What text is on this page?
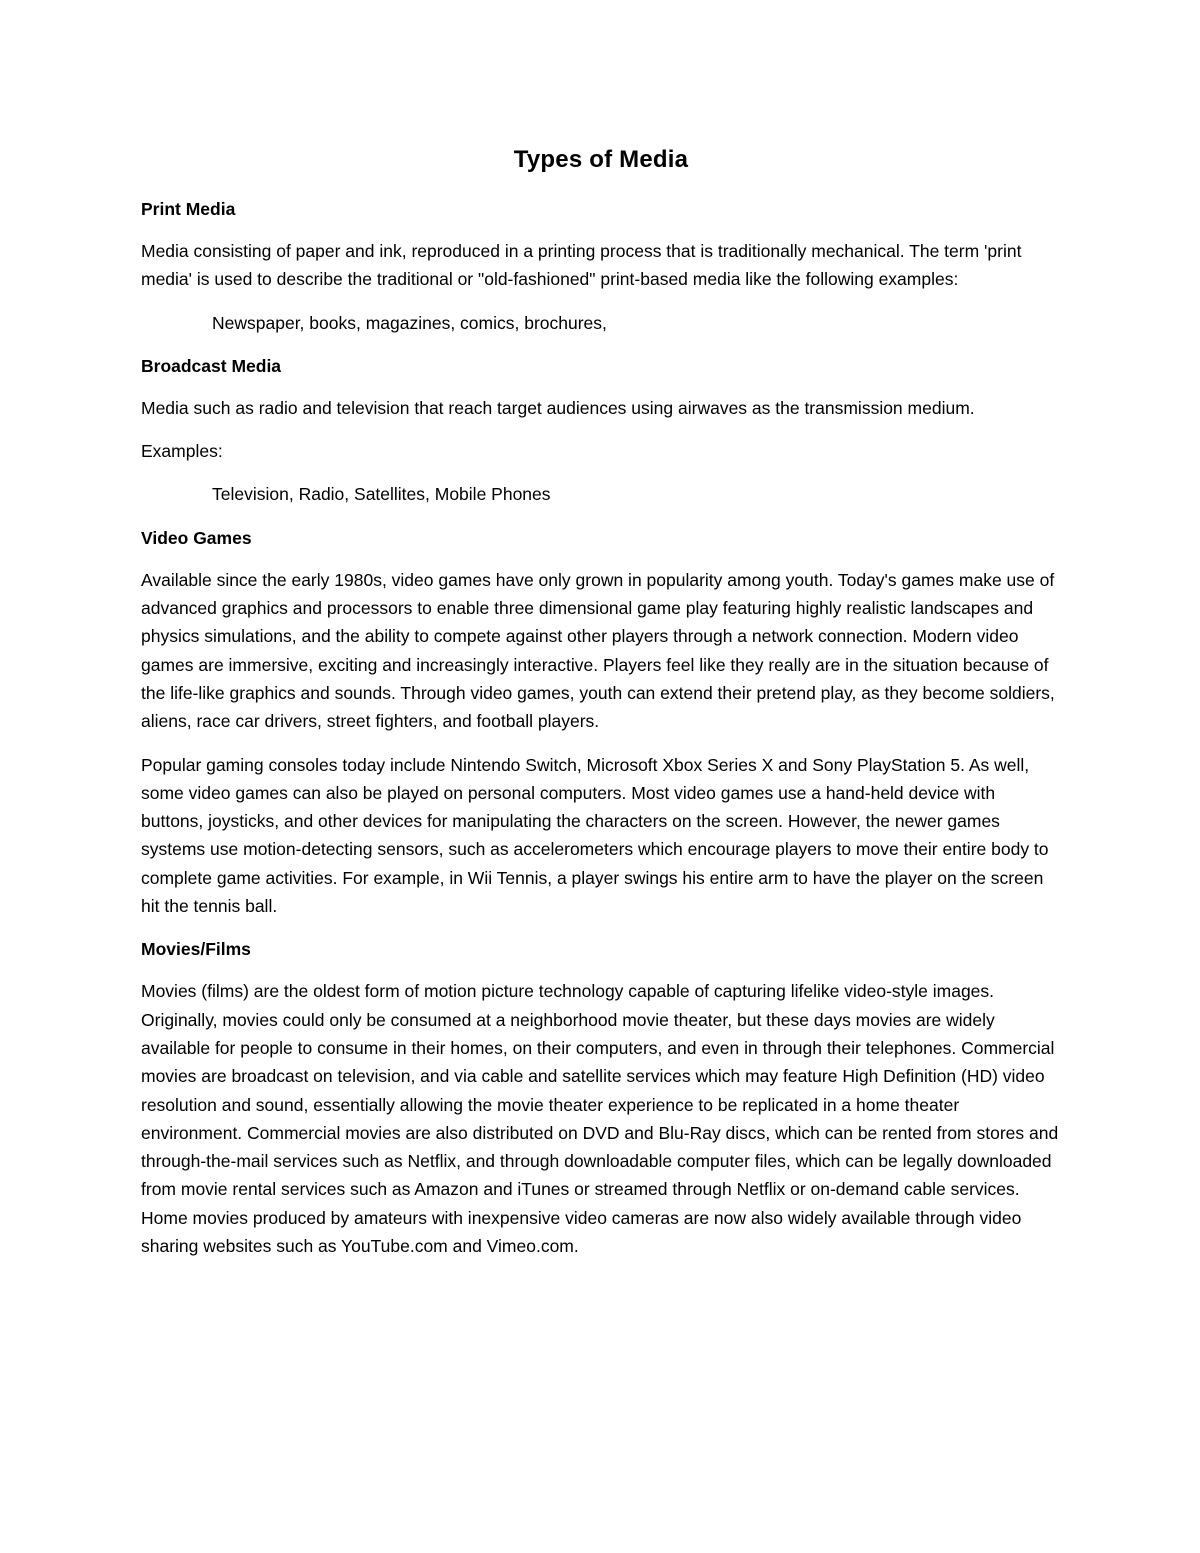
Types of Media
Print Media
Media consisting of paper and ink, reproduced in a printing process that is traditionally mechanical. The term 'print media' is used to describe the traditional or "old-fashioned" print-based media like the following examples:
Newspaper, books, magazines, comics, brochures,
Broadcast Media
Media such as radio and television that reach target audiences using airwaves as the transmission medium.
Examples:
Television, Radio, Satellites, Mobile Phones
Video Games
Available since the early 1980s, video games have only grown in popularity among youth. Today's games make use of advanced graphics and processors to enable three dimensional game play featuring highly realistic landscapes and physics simulations, and the ability to compete against other players through a network connection. Modern video games are immersive, exciting and increasingly interactive. Players feel like they really are in the situation because of the life-like graphics and sounds. Through video games, youth can extend their pretend play, as they become soldiers, aliens, race car drivers, street fighters, and football players.
Popular gaming consoles today include Nintendo Switch, Microsoft Xbox Series X and Sony PlayStation 5. As well, some video games can also be played on personal computers. Most video games use a hand-held device with buttons, joysticks, and other devices for manipulating the characters on the screen. However, the newer games systems use motion-detecting sensors, such as accelerometers which encourage players to move their entire body to complete game activities. For example, in Wii Tennis, a player swings his entire arm to have the player on the screen hit the tennis ball.
Movies/Films
Movies (films) are the oldest form of motion picture technology capable of capturing lifelike video-style images. Originally, movies could only be consumed at a neighborhood movie theater, but these days movies are widely available for people to consume in their homes, on their computers, and even in through their telephones. Commercial movies are broadcast on television, and via cable and satellite services which may feature High Definition (HD) video resolution and sound, essentially allowing the movie theater experience to be replicated in a home theater environment. Commercial movies are also distributed on DVD and Blu-Ray discs, which can be rented from stores and through-the-mail services such as Netflix, and through downloadable computer files, which can be legally downloaded from movie rental services such as Amazon and iTunes or streamed through Netflix or on-demand cable services. Home movies produced by amateurs with inexpensive video cameras are now also widely available through video sharing websites such as YouTube.com and Vimeo.com.
